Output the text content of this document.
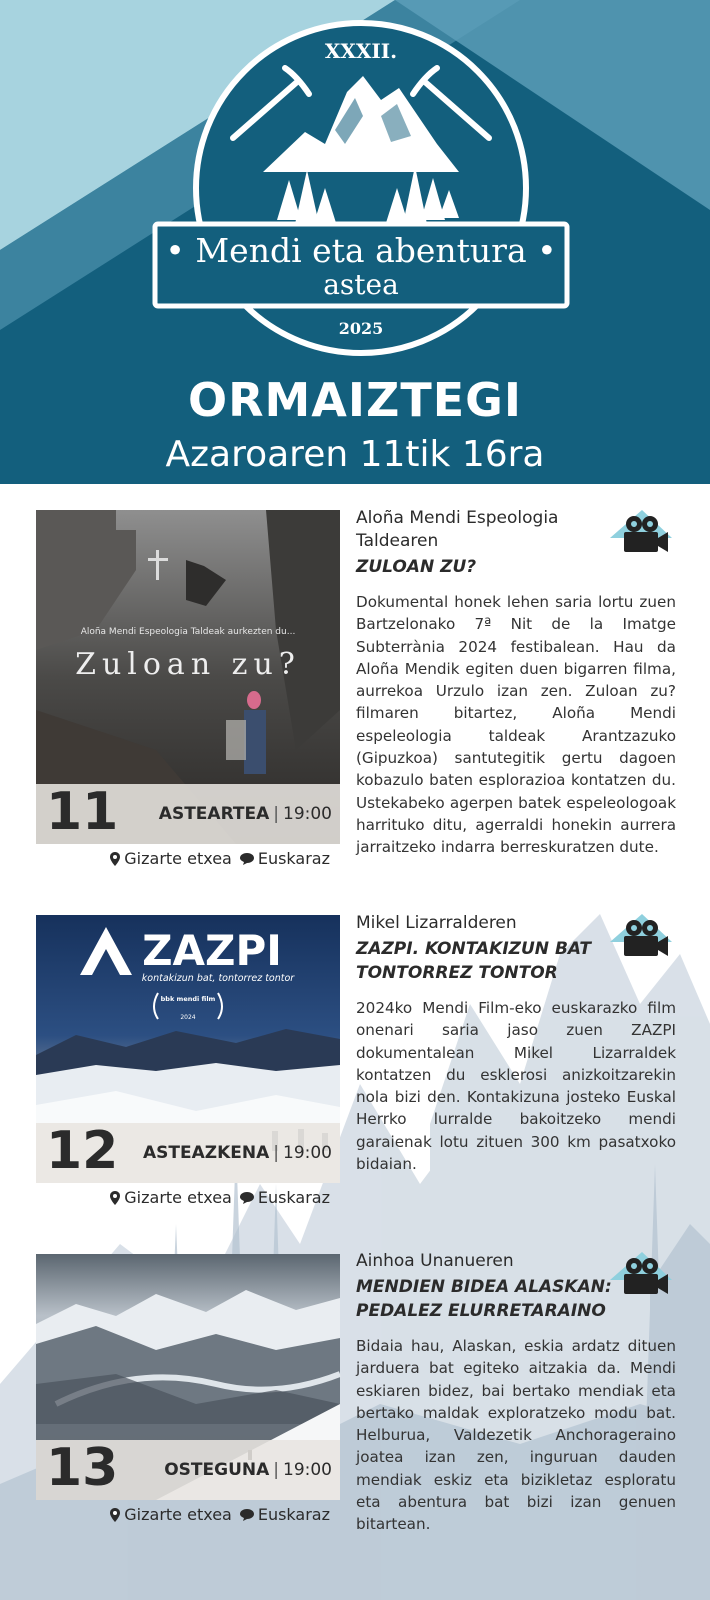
XXXII.
• Mendi eta abentura •
astea
2025
ORMAIZTEGI
Azaroaren 11tik 16ra
Aloña Mendi Espeologia Taldeak aurkezten du...
Zuloan zu?
11 ASTEARTEA | 19:00
Gizarte etxea Euskaraz
Aloña Mendi Espeologia Taldearen
ZULOAN ZU?
Dokumental honek lehen saria lortu zuen Bartzelonako 7ª Nit de la Imatge Subterrània 2024 festibalean. Hau da Aloña Mendik egiten duen bigarren filma, aurrekoa Urzulo izan zen. Zuloan zu? filmaren bitartez, Aloña Mendi espeleologia taldeak Arantzazuko (Gipuzkoa) santutegitik gertu dagoen kobazulo baten esplorazioa kontatzen du. Ustekabeko agerpen batek espeleologoak harrituko ditu, agerraldi honekin aurrera jarraitzeko indarra berreskuratzen dute.
ZAZPI
kontakizun bat, tontorrez tontor
bbk mendi film
2024
12 ASTEAZKENA | 19:00
Gizarte etxea Euskaraz
Mikel Lizarralderen
ZAZPI. KONTAKIZUN BAT TONTORREZ TONTOR
2024ko Mendi Film-eko euskarazko film onenari saria jaso zuen ZAZPI dokumentalean Mikel Lizarraldek kontatzen du esklerosi anizkoitzarekin nola bizi den. Kontakizuna josteko Euskal Herrko lurralde bakoitzeko mendi garaienak lotu zituen 300 km pasatxoko bidaian.
13	OSTEGUNA | 19:00
Gizarte etxea Euskaraz
Ainhoa Unanueren
MENDIEN BIDEA ALASKAN: PEDALEZ ELURRETARAINO
Bidaia hau, Alaskan, eskia ardatz dituen jarduera bat egiteko aitzakia da. Mendi eskiaren bidez, bai bertako mendiak eta bertako maldak exploratzeko modu bat. Helburua, Valdezetik Anchorageraino joatea izan zen, inguruan dauden mendiak eskiz eta bizikletaz esploratu eta abentura bat bizi izan genuen bitartean.
